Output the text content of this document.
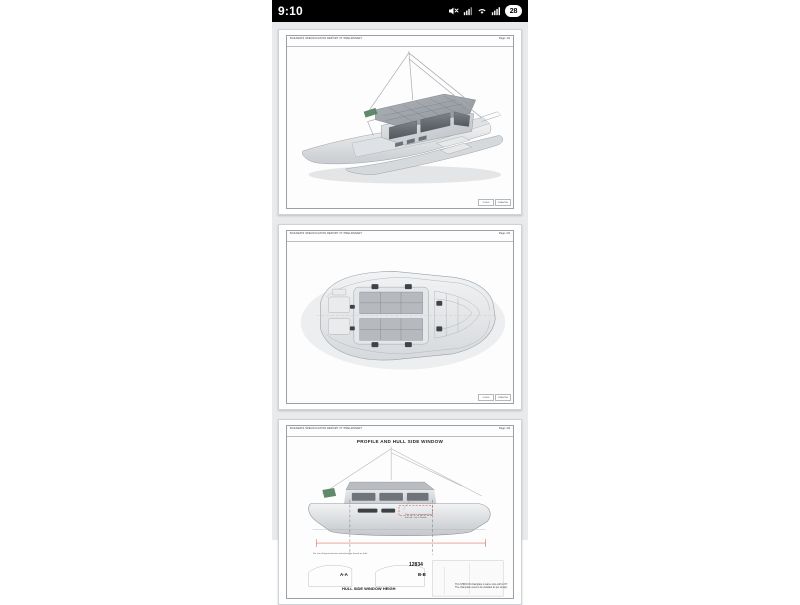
9:10	28
BUILDER'S SPECIFICATION REPORT 47' PRELIMINARY	Page: 1/3
SCALE	DRAWING
BUILDER'S SPECIFICATION REPORT 47' PRELIMINARY	Page: 2/3
SCALE	DRAWING
BUILDER'S SPECIFICATION REPORT 47' PRELIMINARY	Page: 3/3
PROFILE AND HULL SIDE WINDOW
12834
A-A	B-B
HULL SIDE WINDOW HEIGH
This SHROUD chainplate is same style with 12'0". The chainplate need to be installed as per design.
This hatch is integrated into the hull - see 2 Details
For size all panel tensions and should be based on hulls
